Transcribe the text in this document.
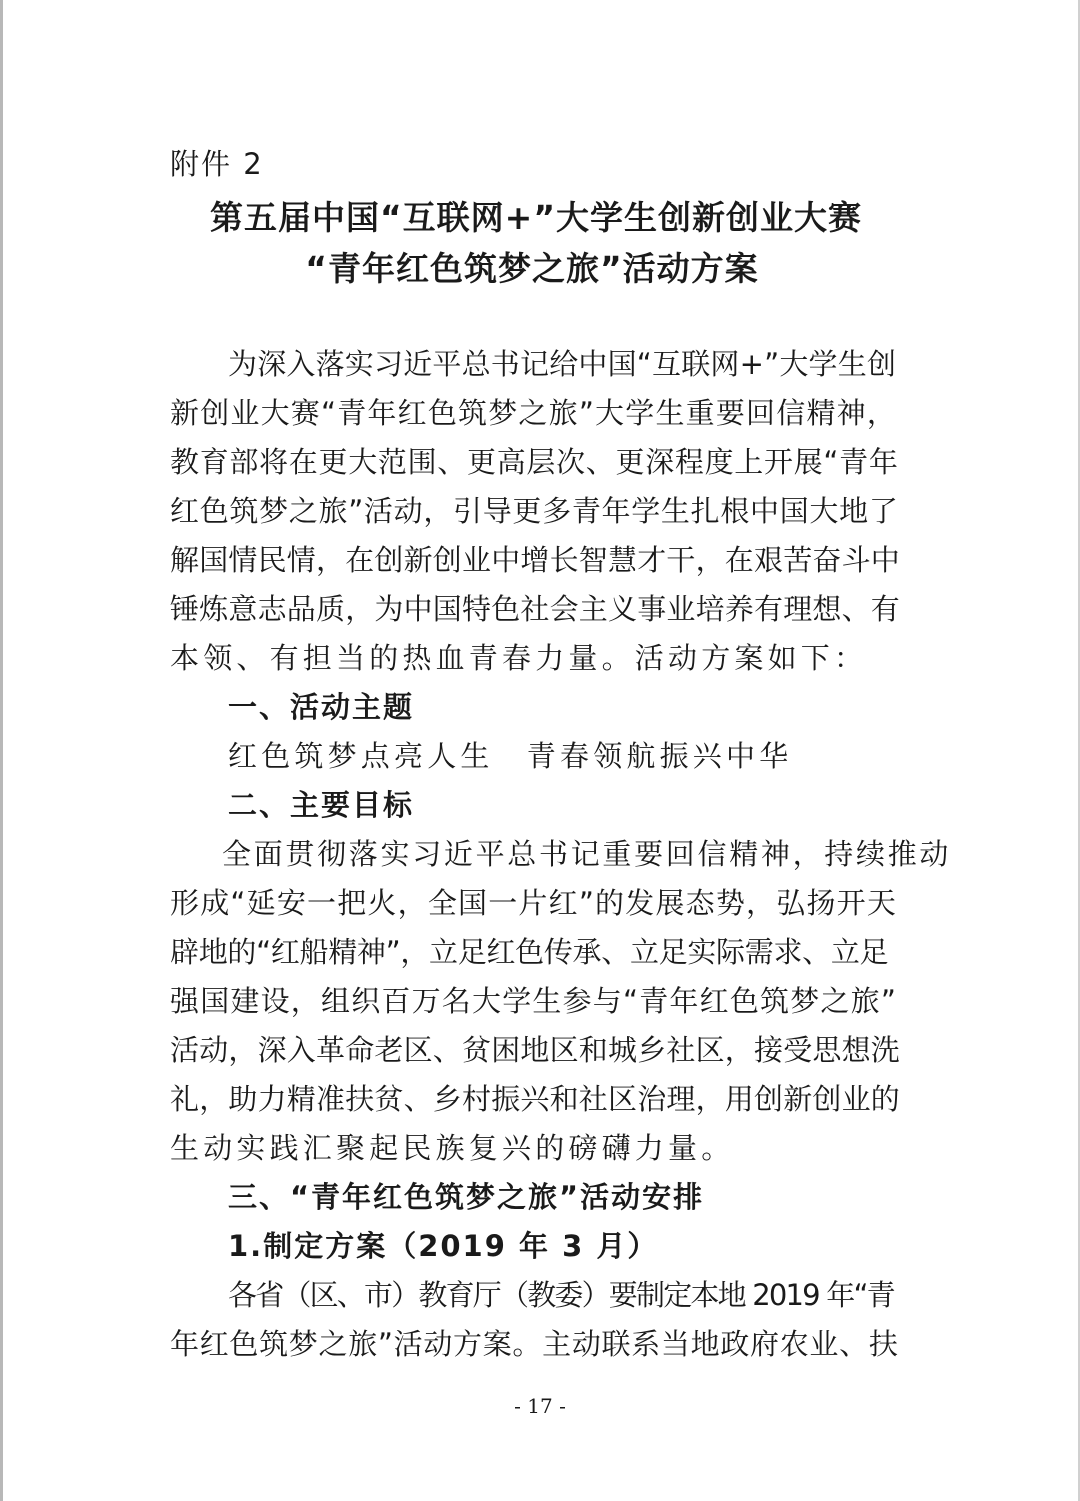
附件 2
第五届中国“互联网+”大学生创新创业大赛
“青年红色筑梦之旅”活动方案
为深入落实习近平总书记给中国“互联网+”大学生创
新创业大赛“青年红色筑梦之旅”大学生重要回信精神，
教育部将在更大范围、更高层次、更深程度上开展“青年
红色筑梦之旅”活动，引导更多青年学生扎根中国大地了
解国情民情，在创新创业中增长智慧才干，在艰苦奋斗中
锤炼意志品质，为中国特色社会主义事业培养有理想、有
本领、有担当的热血青春力量。活动方案如下：
一、活动主题
红色筑梦点亮人生　青春领航振兴中华
二、主要目标
全面贯彻落实习近平总书记重要回信精神，持续推动
形成“延安一把火，全国一片红”的发展态势，弘扬开天
辟地的“红船精神”，立足红色传承、立足实际需求、立足
强国建设，组织百万名大学生参与“青年红色筑梦之旅”
活动，深入革命老区、贫困地区和城乡社区，接受思想洗
礼，助力精准扶贫、乡村振兴和社区治理，用创新创业的
生动实践汇聚起民族复兴的磅礴力量。
三、“青年红色筑梦之旅”活动安排
1.制定方案（2019 年 3 月）
各省（区、市）教育厅（教委）要制定本地 2019 年“青
年红色筑梦之旅”活动方案。主动联系当地政府农业、扶
- 17 -
